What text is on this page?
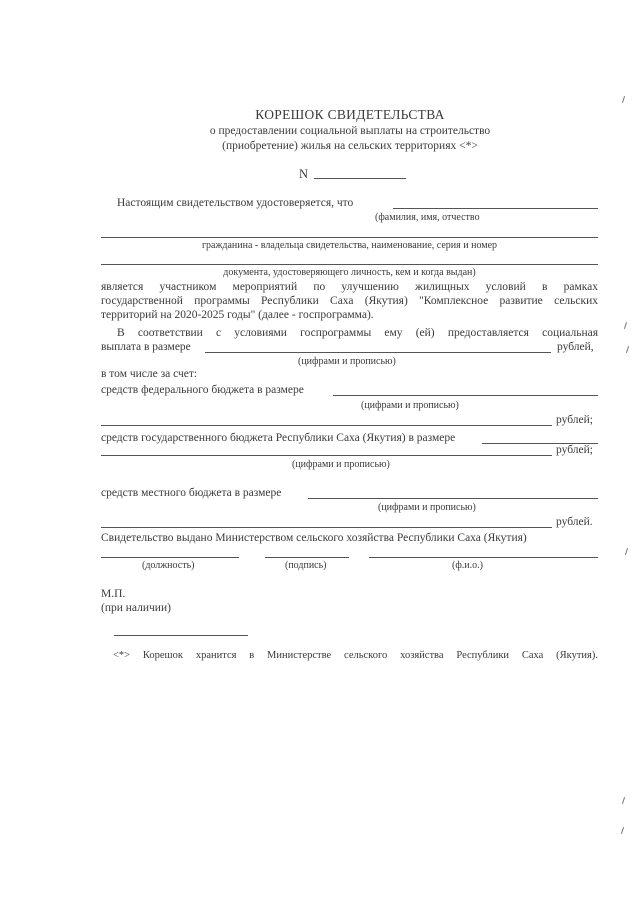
КОРЕШОК СВИДЕТЕЛЬСТВА
о предоставлении социальной выплаты на строительство
(приобретение) жилья на сельских территориях <*>
N
Настоящим свидетельством удостоверяется, что
(фамилия, имя, отчество
гражданина - владельца свидетельства, наименование, серия и номер
документа, удостоверяющего личность, кем и когда выдан)
является участником мероприятий по улучшению жилищных условий в рамках
государственной программы Республики Саха (Якутия) "Комплексное развитие сельских
территорий на 2020-2025 годы" (далее - госпрограмма).
В соответствии с условиями госпрограммы ему (ей) предоставляется социальная
выплата в размере	рублей,
(цифрами и прописью)
в том числе за счет:
средств федерального бюджета в размере
(цифрами и прописью)
рублей;
средств государственного бюджета Республики Саха (Якутия) в размере
рублей;
(цифрами и прописью)
средств местного бюджета в размере
(цифрами и прописью)
рублей.
Свидетельство выдано Министерством сельского хозяйства Республики Саха (Якутия)
(должность)	(подпись)	(ф.и.о.)
М.П.
(при наличии)
<*> Корешок хранится в Министерстве сельского хозяйства Республики Саха (Якутия).
